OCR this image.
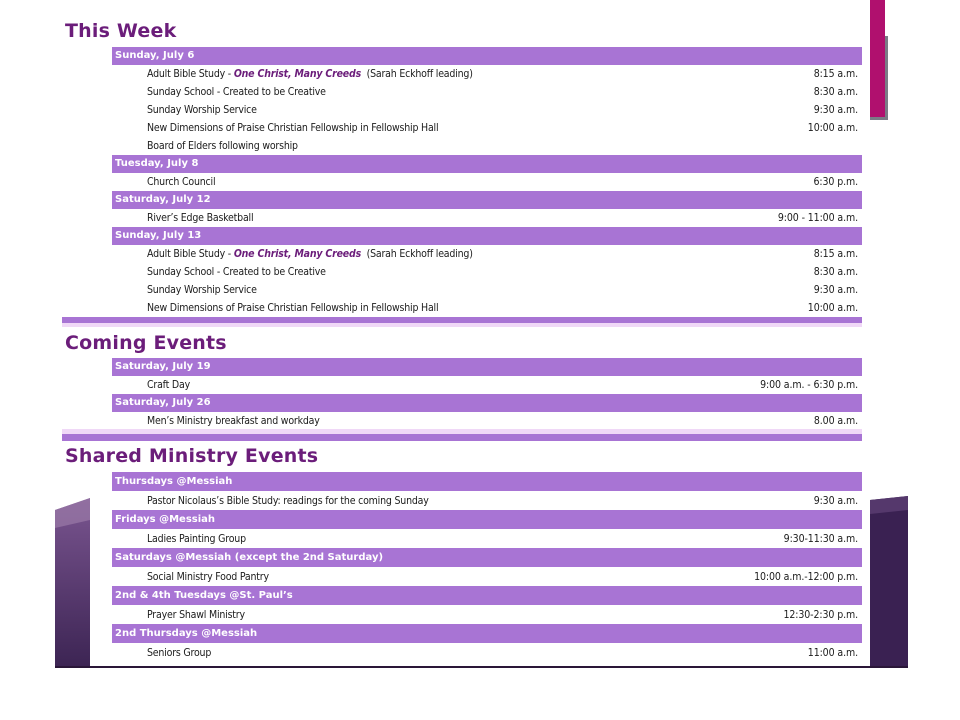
This Week
Sunday, July 6
Adult Bible Study - One Christ, Many Creeds  (Sarah Eckhoff leading)	8:15 a.m.
Sunday School - Created to be Creative	8:30 a.m.
Sunday Worship Service	9:30 a.m.
New Dimensions of Praise Christian Fellowship in Fellowship Hall	10:00 a.m.
Board of Elders following worship
Tuesday, July 8
Church Council	6:30 p.m.
Saturday, July 12
River’s Edge Basketball	9:00 - 11:00 a.m.
Sunday, July 13
Adult Bible Study - One Christ, Many Creeds  (Sarah Eckhoff leading)	8:15 a.m.
Sunday School - Created to be Creative	8:30 a.m.
Sunday Worship Service	9:30 a.m.
New Dimensions of Praise Christian Fellowship in Fellowship Hall	10:00 a.m.
Coming Events
Saturday, July 19
Craft Day	9:00 a.m. - 6:30 p.m.
Saturday, July 26
Men’s Ministry breakfast and workday	8.00 a.m.
Shared Ministry Events
Thursdays @Messiah
Pastor Nicolaus’s Bible Study: readings for the coming Sunday	9:30 a.m.
Fridays @Messiah
Ladies Painting Group	9:30-11:30 a.m.
Saturdays @Messiah (except the 2nd Saturday)
Social Ministry Food Pantry	10:00 a.m.-12:00 p.m.
2nd & 4th Tuesdays @St. Paul’s
Prayer Shawl Ministry	12:30-2:30 p.m.
2nd Thursdays @Messiah
Seniors Group	11:00 a.m.
